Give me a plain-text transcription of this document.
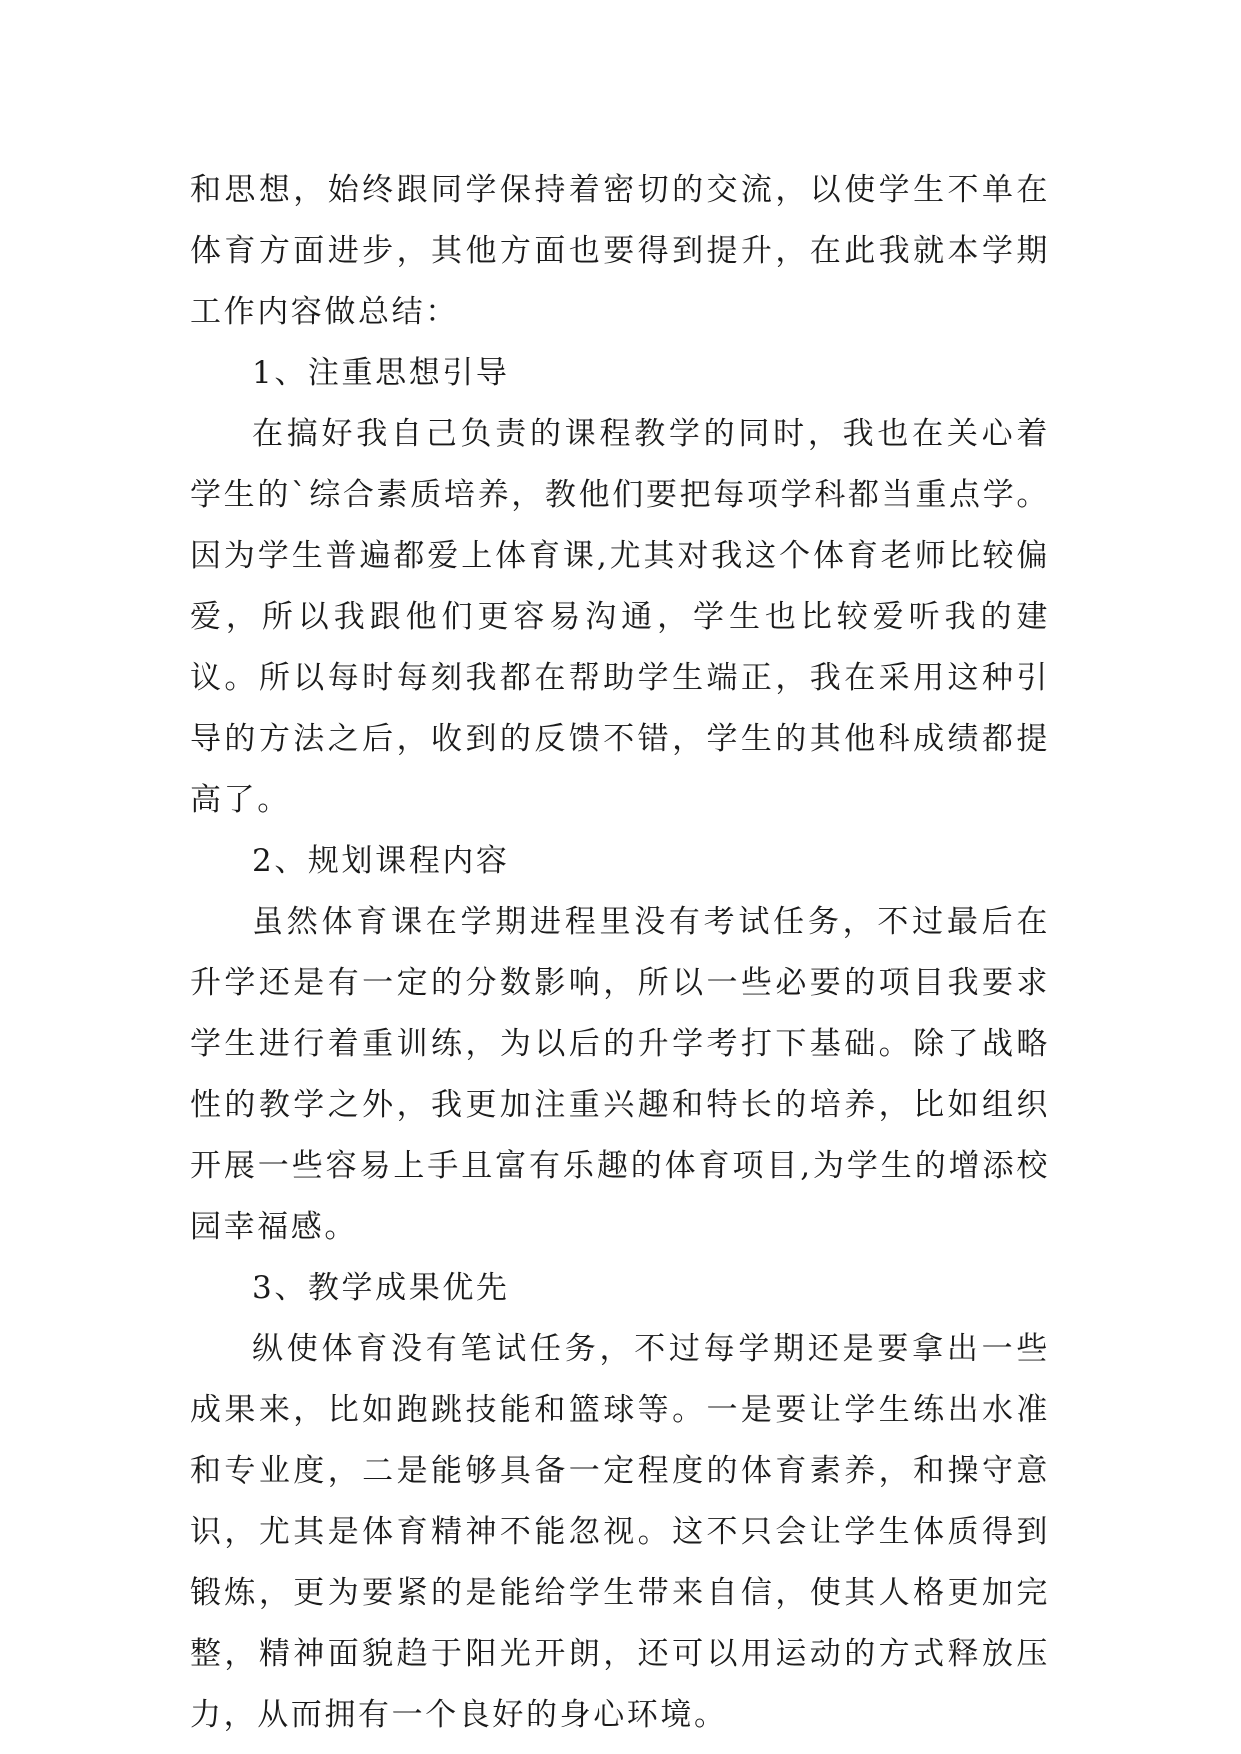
和思想，始终跟同学保持着密切的交流，以使学生不单在体育方面进步，其他方面也要得到提升，在此我就本学期工作内容做总结：

1、注重思想引导

在搞好我自己负责的课程教学的同时，我也在关心着学生的`综合素质培养，教他们要把每项学科都当重点学。因为学生普遍都爱上体育课,尤其对我这个体育老师比较偏爱，所以我跟他们更容易沟通，学生也比较爱听我的建议。所以每时每刻我都在帮助学生端正，我在采用这种引导的方法之后，收到的反馈不错，学生的其他科成绩都提高了。

2、规划课程内容

虽然体育课在学期进程里没有考试任务，不过最后在升学还是有一定的分数影响，所以一些必要的项目我要求学生进行着重训练，为以后的升学考打下基础。除了战略性的教学之外，我更加注重兴趣和特长的培养，比如组织开展一些容易上手且富有乐趣的体育项目,为学生的增添校园幸福感。

3、教学成果优先

纵使体育没有笔试任务，不过每学期还是要拿出一些成果来，比如跑跳技能和篮球等。一是要让学生练出水准和专业度，二是能够具备一定程度的体育素养，和操守意识，尤其是体育精神不能忽视。这不只会让学生体质得到锻炼，更为要紧的是能给学生带来自信，使其人格更加完整，精神面貌趋于阳光开朗，还可以用运动的方式释放压力，从而拥有一个良好的身心环境。
